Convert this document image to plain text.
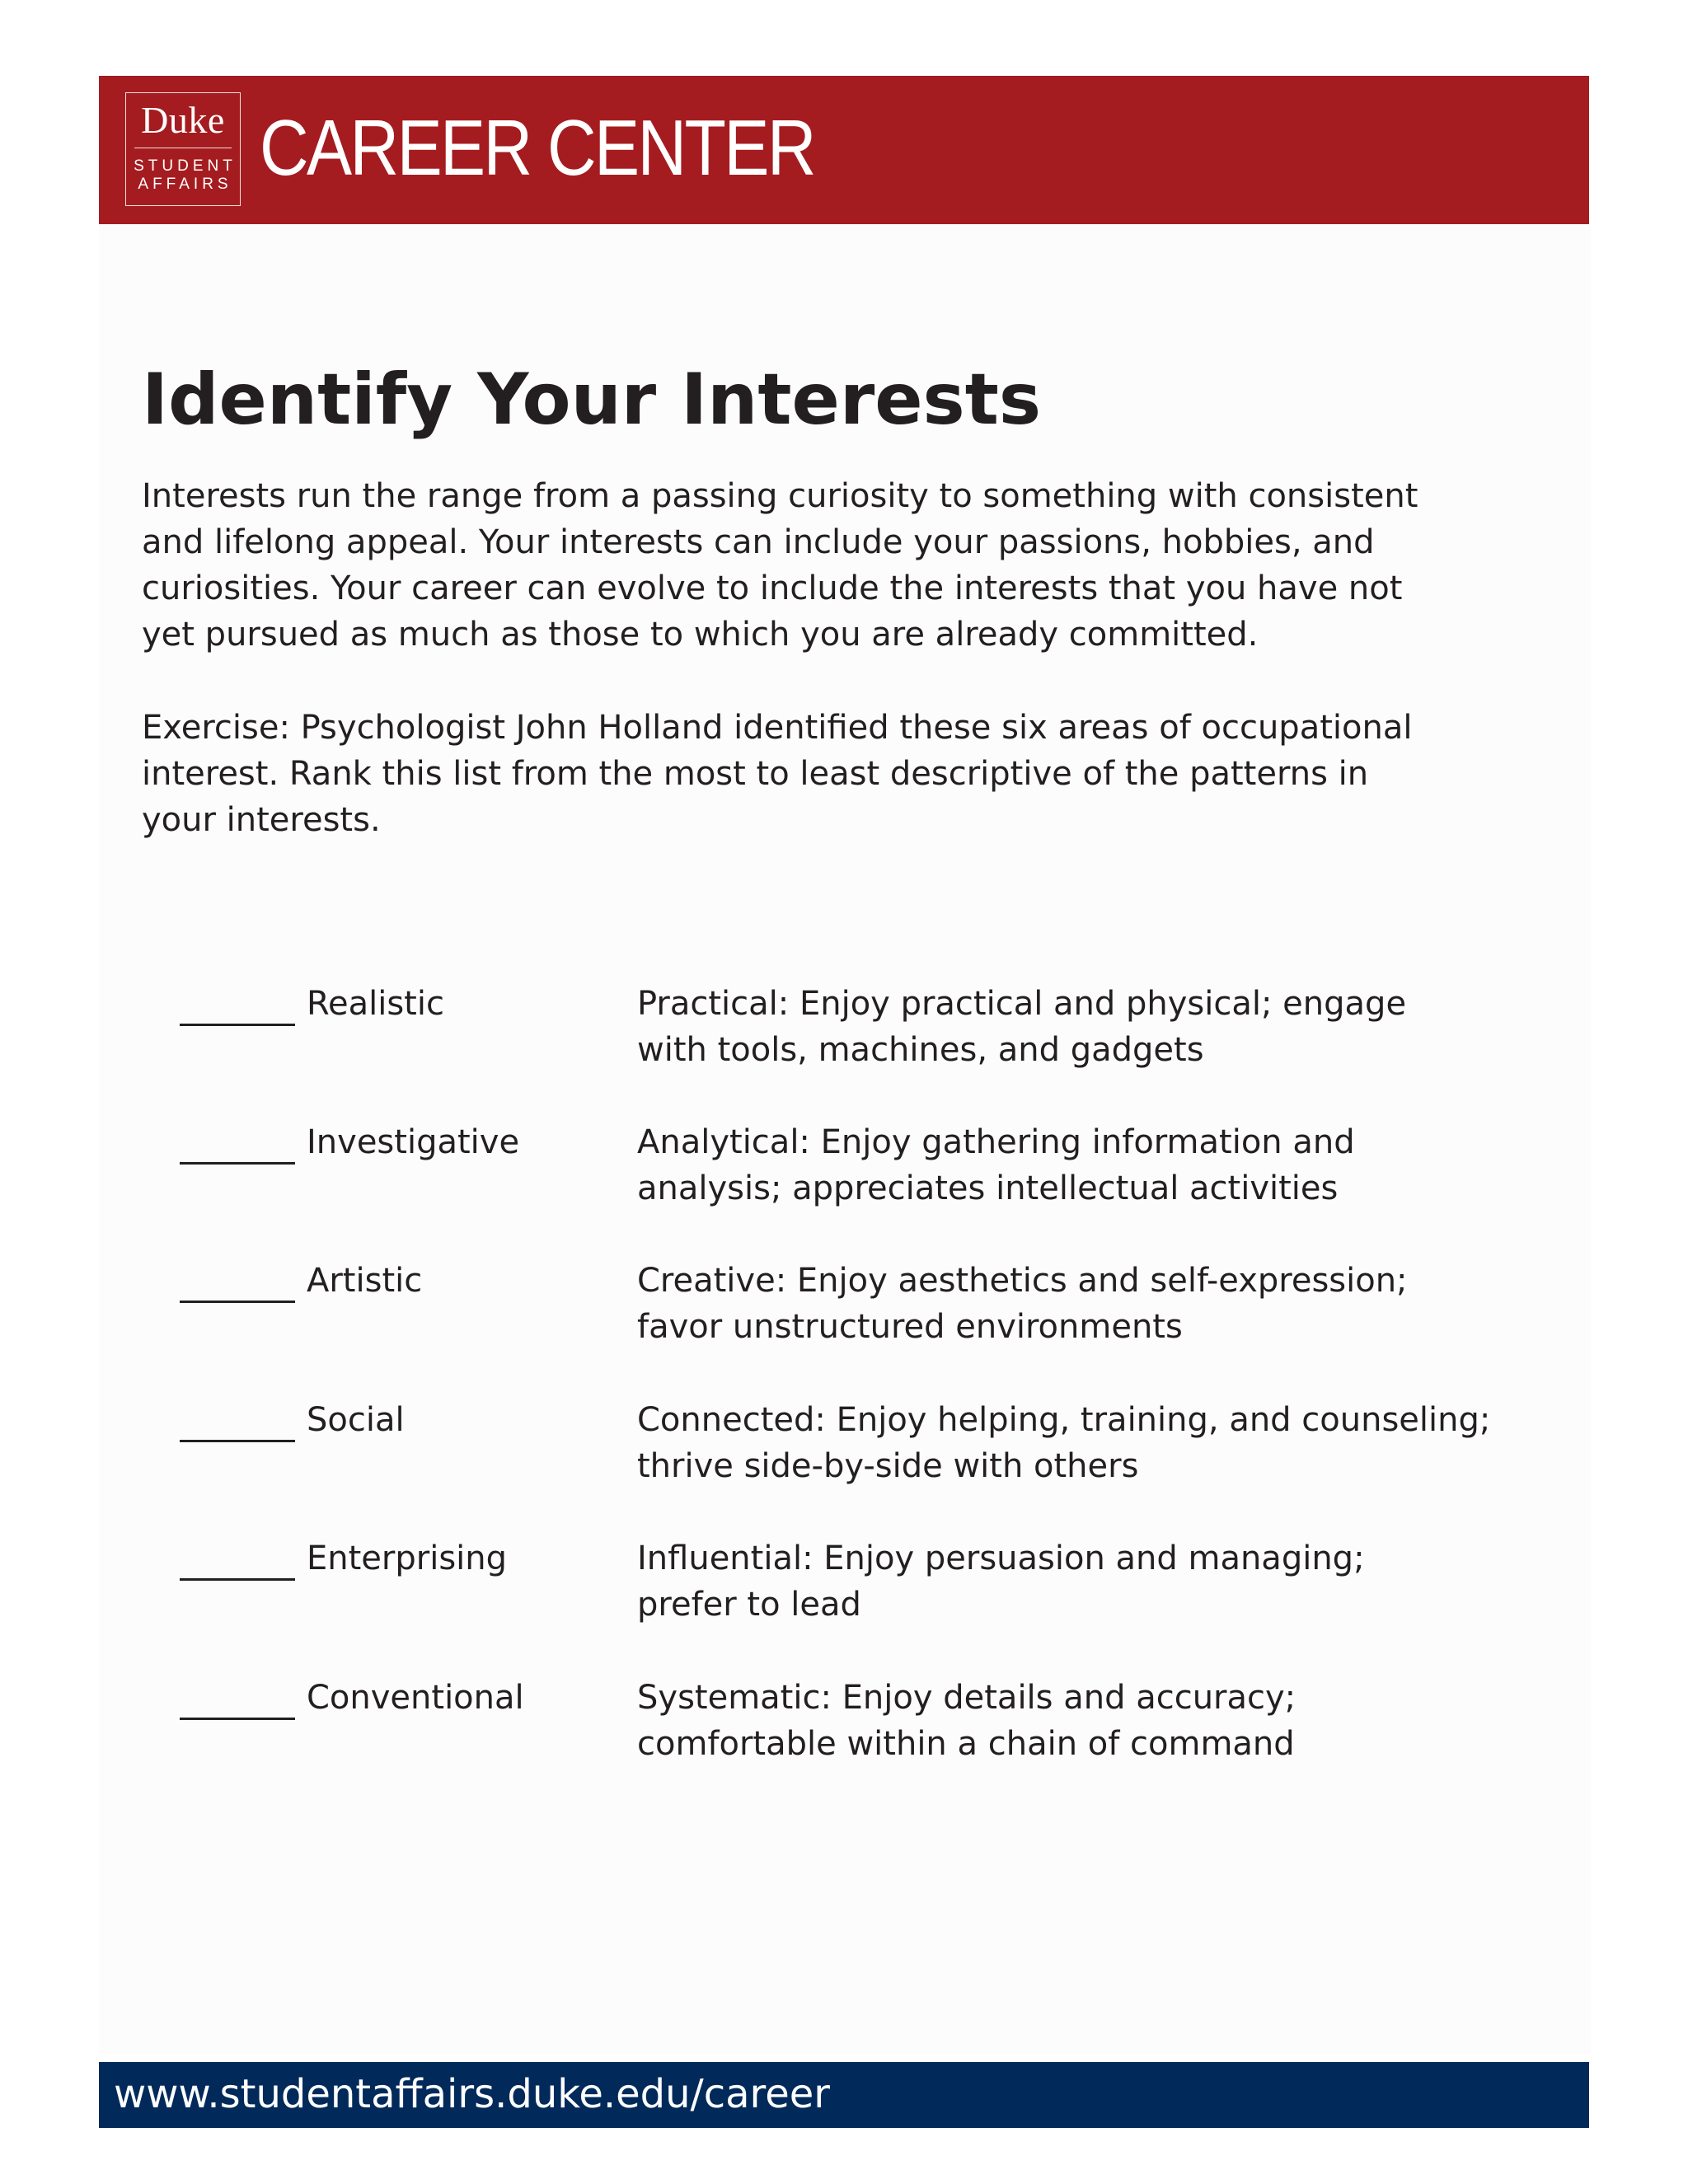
Duke
STUDENT
AFFAIRS CAREER CENTER
Identify Your Interests

Interests run the range from a passing curiosity to something with consistent
and lifelong appeal. Your interests can include your passions, hobbies, and
curiosities. Your career can evolve to include the interests that you have not
yet pursued as much as those to which you are already committed.

Exercise: Psychologist John Holland identified these six areas of occupational
interest. Rank this list from the most to least descriptive of the patterns in
your interests.

Realistic	Practical: Enjoy practical and physical; engage
with tools, machines, and gadgets
Investigative	Analytical: Enjoy gathering information and
analysis; appreciates intellectual activities
Artistic	Creative: Enjoy aesthetics and self-expression;
favor unstructured environments
Social	Connected: Enjoy helping, training, and counseling;
thrive side-by-side with others
Enterprising	Influential: Enjoy persuasion and managing;
prefer to lead
Conventional	Systematic: Enjoy details and accuracy;
comfortable within a chain of command
www.studentaffairs.duke.edu/career
